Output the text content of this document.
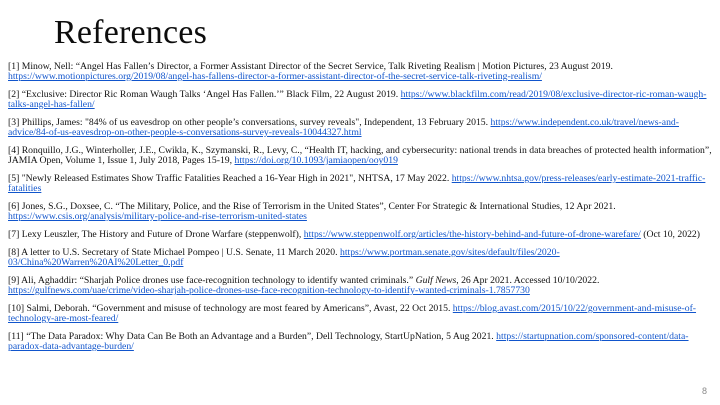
References

[1] Minow, Nell: “Angel Has Fallen’s Director, a Former Assistant Director of the Secret Service, Talk Riveting Realism | Motion Pictures, 23 August 2019. https://www.motionpictures.org/2019/08/angel-has-fallens-director-a-former-assistant-director-of-the-secret-service-talk-riveting-realism/

[2] “Exclusive: Director Ric Roman Waugh Talks ‘Angel Has Fallen.’” Black Film, 22 August 2019. https://www.blackfilm.com/read/2019/08/exclusive-director-ric-roman-waugh-talks-angel-has-fallen/

[3] Phillips, James: "84% of us eavesdrop on other people’s conversations, survey reveals", Independent, 13 February 2015. https://www.independent.co.uk/travel/news-and-advice/84-of-us-eavesdrop-on-other-people-s-conversations-survey-reveals-10044327.html

[4] Ronquillo, J.G., Winterholler, J.E., Cwikla, K., Szymanski, R., Levy, C., “Health IT, hacking, and cybersecurity: national trends in data breaches of protected health information”, JAMIA Open, Volume 1, Issue 1, July 2018, Pages 15-19, https://doi.org/10.1093/jamiaopen/ooy019

[5] "Newly Released Estimates Show Traffic Fatalities Reached a 16-Year High in 2021", NHTSA, 17 May 2022. https://www.nhtsa.gov/press-releases/early-estimate-2021-traffic-fatalities

[6] Jones, S.G., Doxsee, C. “The Military, Police, and the Rise of Terrorism in the United States”, Center For Strategic & International Studies, 12 Apr 2021. https://www.csis.org/analysis/military-police-and-rise-terrorism-united-states

[7] Lexy Leuszler, The History and Future of Drone Warfare (steppenwolf), https://www.steppenwolf.org/articles/the-history-behind-and-future-of-drone-warefare/ (Oct 10, 2022)

[8] A letter to U.S. Secretary of State Michael Pompeo | U.S. Senate, 11 March 2020. https://www.portman.senate.gov/sites/default/files/2020-03/China%20Warren%20AI%20Letter_0.pdf

[9] Ali, Aghaddir: “Sharjah Police drones use face-recognition technology to identify wanted criminals.” Gulf News, 26 Apr 2021. Accessed 10/10/2022. https://gulfnews.com/uae/crime/video-sharjah-police-drones-use-face-recognition-technology-to-identify-wanted-criminals-1.7857730

[10] Salmi, Deborah. “Government and misuse of technology are most feared by Americans”, Avast, 22 Oct 2015. https://blog.avast.com/2015/10/22/government-and-misuse-of-technology-are-most-feared/

[11] “The Data Paradox: Why Data Can Be Both an Advantage and a Burden”, Dell Technology, StartUpNation, 5 Aug 2021. https://startupnation.com/sponsored-content/data-paradox-data-advantage-burden/

8
